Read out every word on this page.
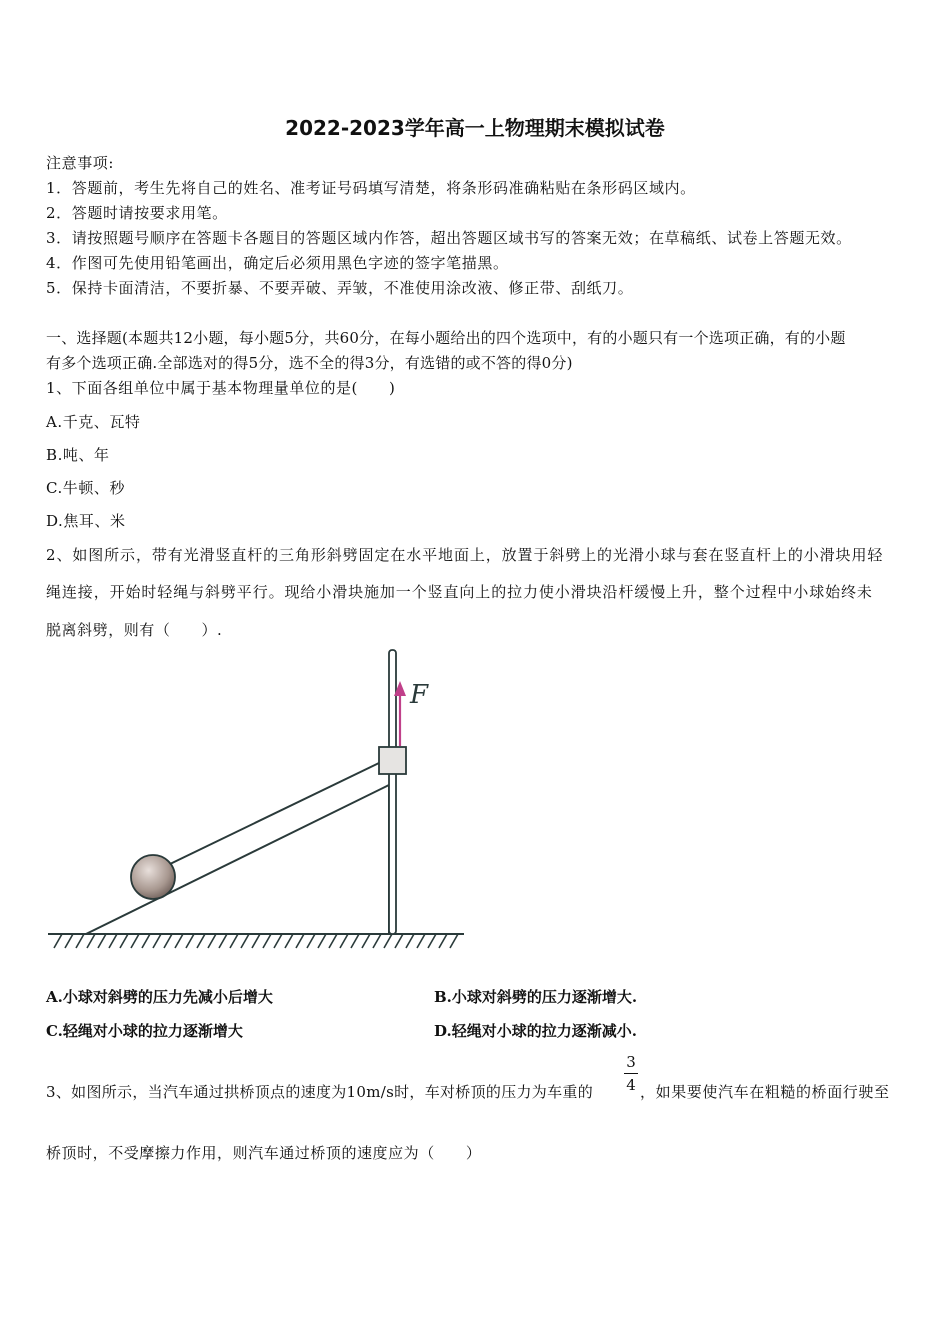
2022-2023学年高一上物理期末模拟试卷
注意事项:
1．答题前，考生先将自己的姓名、准考证号码填写清楚，将条形码准确粘贴在条形码区域内。
2．答题时请按要求用笔。
3．请按照题号顺序在答题卡各题目的答题区域内作答，超出答题区域书写的答案无效；在草稿纸、试卷上答题无效。
4．作图可先使用铅笔画出，确定后必须用黑色字迹的签字笔描黑。
5．保持卡面清洁，不要折暴、不要弄破、弄皱，不准使用涂改液、修正带、刮纸刀。
一、选择题(本题共12小题，每小题5分，共60分，在每小题给出的四个选项中，有的小题只有一个选项正确，有的小题
有多个选项正确.全部选对的得5分，选不全的得3分，有选错的或不答的得0分)
1、下面各组单位中属于基本物理量单位的是(　　)
A.千克、瓦特
B.吨、年
C.牛顿、秒
D.焦耳、米
2、如图所示，带有光滑竖直杆的三角形斜劈固定在水平地面上，放置于斜劈上的光滑小球与套在竖直杆上的小滑块用轻
绳连接，开始时轻绳与斜劈平行。现给小滑块施加一个竖直向上的拉力使小滑块沿杆缓慢上升，整个过程中小球始终未
脱离斜劈，则有（　　）.
F
A.小球对斜劈的压力先减小后增大	B.小球对斜劈的压力逐渐增大.
C.轻绳对小球的拉力逐渐增大	D.轻绳对小球的拉力逐渐减小.
3、如图所示，当汽车通过拱桥顶点的速度为10m/s时，车对桥顶的压力为车重的
3
4 ，如果要使汽车在粗糙的桥面行驶至
桥顶时，不受摩擦力作用，则汽车通过桥顶的速度应为（　　）
